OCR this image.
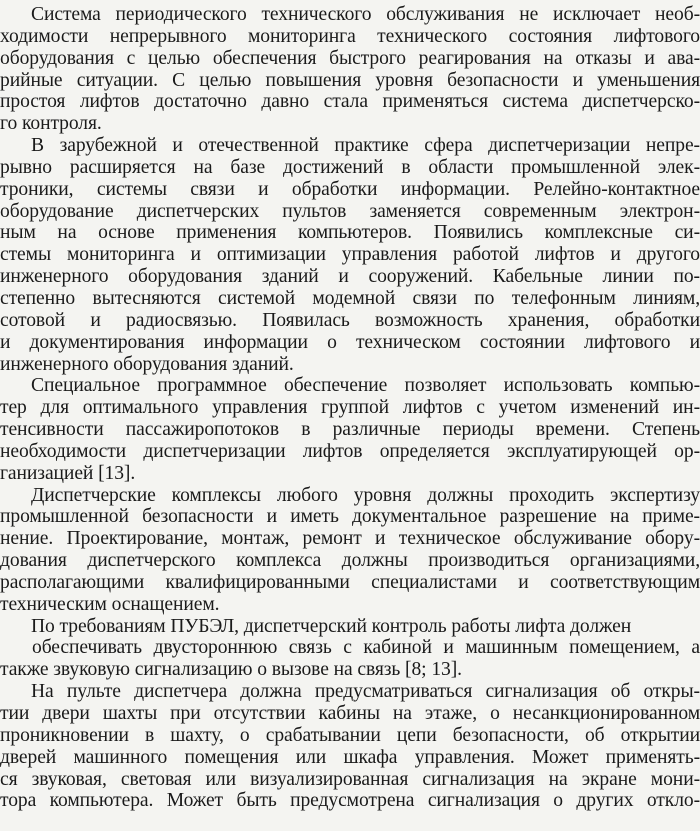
Система периодического технического обслуживания не исключает необ-
ходимости непрерывного мониторинга технического состояния лифтового
оборудования с целью обеспечения быстрого реагирования на отказы и ава-
рийные ситуации. С целью повышения уровня безопасности и уменьшения
простоя лифтов достаточно давно стала применяться система диспетчерско-
го контроля.
В зарубежной и отечественной практике сфера диспетчеризации непре-
рывно расширяется на базе достижений в области промышленной элек-
троники, системы связи и обработки информации. Релейно-контактное
оборудование диспетчерских пультов заменяется современным электрон-
ным на основе применения компьютеров. Появились комплексные си-
стемы мониторинга и оптимизации управления работой лифтов и другого
инженерного оборудования зданий и сооружений. Кабельные линии по-
степенно вытесняются системой модемной связи по телефонным линиям,
сотовой и радиосвязью. Появилась возможность хранения, обработки
и документирования информации о техническом состоянии лифтового и
инженерного оборудования зданий.
Специальное программное обеспечение позволяет использовать компью-
тер для оптимального управления группой лифтов с учетом изменений ин-
тенсивности пассажиропотоков в различные периоды времени. Степень
необходимости диспетчеризации лифтов определяется эксплуатирующей ор-
ганизацией [13].
Диспетчерские комплексы любого уровня должны проходить экспертизу
промышленной безопасности и иметь документальное разрешение на приме-
нение. Проектирование, монтаж, ремонт и техническое обслуживание обору-
дования диспетчерского комплекса должны производиться организациями,
располагающими квалифицированными специалистами и соответствующим
техническим оснащением.
По требованиям ПУБЭЛ, диспетчерский контроль работы лифта должен
обеспечивать двустороннюю связь с кабиной и машинным помещением, а
также звуковую сигнализацию о вызове на связь [8; 13].
На пульте диспетчера должна предусматриваться сигнализация об откры-
тии двери шахты при отсутствии кабины на этаже, о несанкционированном
проникновении в шахту, о срабатывании цепи безопасности, об открытии
дверей машинного помещения или шкафа управления. Может применять-
ся звуковая, световая или визуализированная сигнализация на экране мони-
тора компьютера. Может быть предусмотрена сигнализация о других откло-
